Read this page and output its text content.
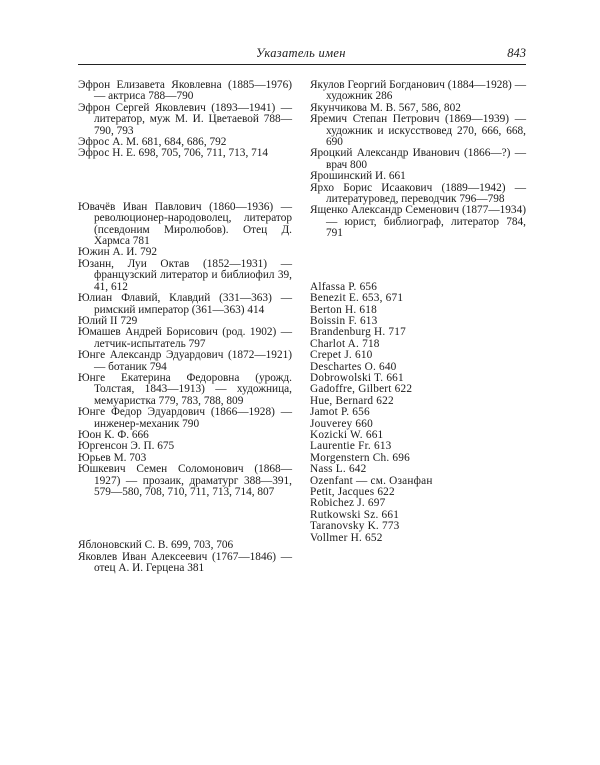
Указатель имен	843

Эфрон Елизавета Яковлевна (1885—1976) — актриса 788—790

Эфрон Сергей Яковлевич (1893—1941) — литератор, муж М. И. Цветаевой 788—790, 793

Эфрос А. М. 681, 684, 686, 792

Эфрос Н. Е. 698, 705, 706, 711, 713, 714

Ювачёв Иван Павлович (1860—1936) — революционер-народоволец, литератор (псевдоним Миролюбов). Отец Д. Хармса 781

Южин А. И. 792

Юзанн, Луи Октав (1852—1931) — французский литератор и библиофил 39, 41, 612

Юлиан Флавий, Клавдий (331—363) — римский император (361—363) 414

Юлий II 729

Юмашев Андрей Борисович (род. 1902) — летчик-испытатель 797

Юнге Александр Эдуардович (1872—1921) — ботаник 794

Юнге Екатерина Федоровна (урожд. Толстая, 1843—1913) — художница, мемуаристка 779, 783, 788, 809

Юнге Федор Эдуардович (1866—1928) — инженер-механик 790

Юон К. Ф. 666

Юргенсон Э. П. 675

Юрьев М. 703

Юшкевич Семен Соломонович (1868—1927) — прозаик, драматург 388—391, 579—580, 708, 710, 711, 713, 714, 807

Яблоновский С. В. 699, 703, 706

Яковлев Иван Алексеевич (1767—1846) — отец А. И. Герцена 381

Якулов Георгий Богданович (1884—1928) — художник 286

Якунчикова М. В. 567, 586, 802

Яремич Степан Петрович (1869—1939) — художник и искусствовед 270, 666, 668, 690

Яроцкий Александр Иванович (1866—?) — врач 800

Ярошинский И. 661

Ярхо Борис Исаакович (1889—1942) — литературовед, переводчик 796—798

Ященко Александр Семенович (1877—1934) — юрист, библиограф, литератор 784, 791

Alfassa P. 656

Benezit E. 653, 671

Berton H. 618

Boissin F. 613

Brandenburg H. 717

Charlot A. 718

Crepet J. 610

Deschartes O. 640

Dobrowolski T. 661

Gadoffre, Gilbert 622

Hue, Bernard 622

Jamot P. 656

Jouverey 660

Kozicki W. 661

Laurentie Fr. 613

Morgenstern Ch. 696

Nass L. 642

Ozenfant — см. Озанфан

Petit, Jacques 622

Robichez J. 697

Rutkowski Sz. 661

Taranovsky K. 773

Vollmer H. 652
